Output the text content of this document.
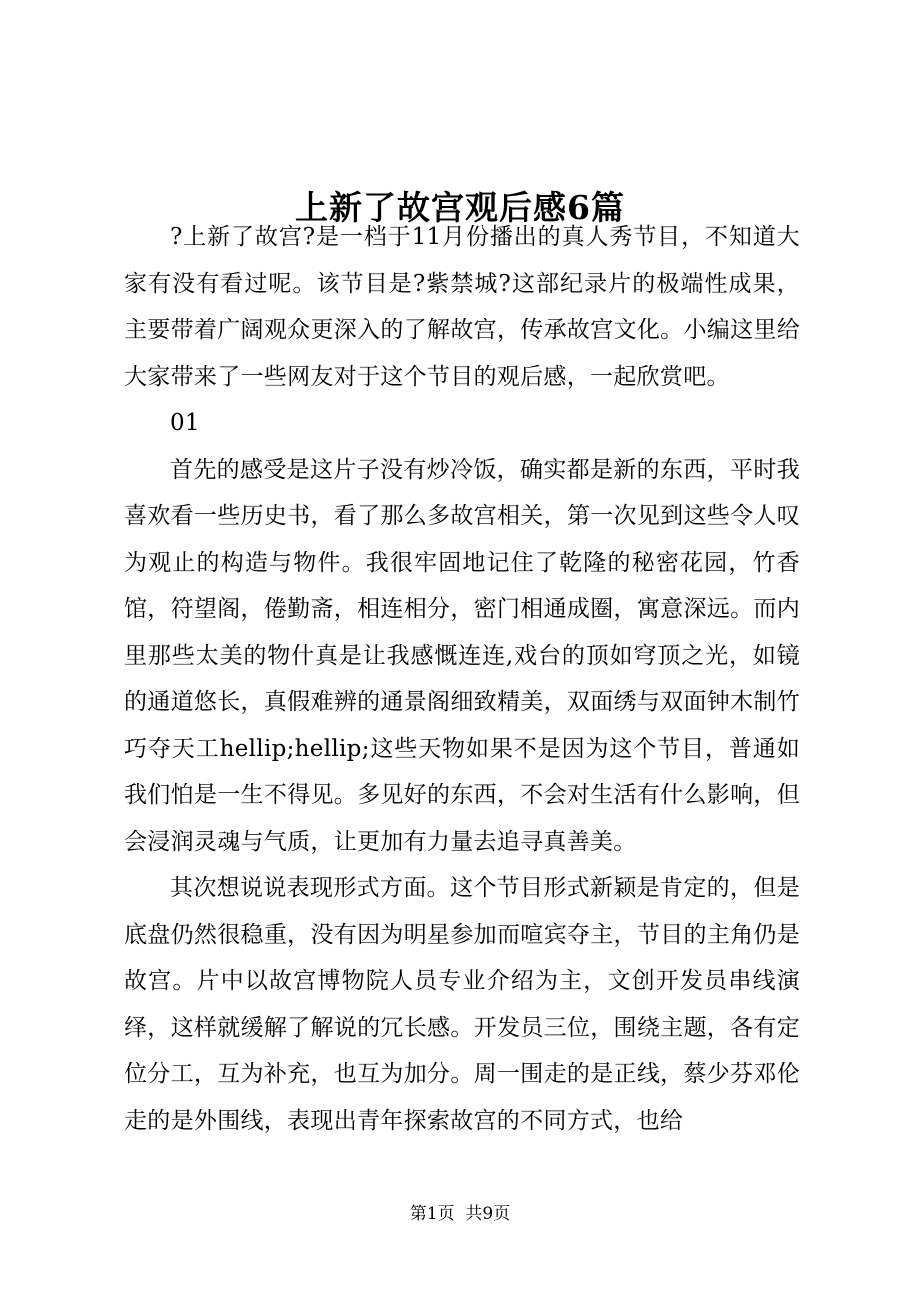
上新了故宫观后感6篇

?上新了故宫?是一档于11月份播出的真人秀节目，不知道大家有没有看过呢。该节目是?紫禁城?这部纪录片的极端性成果，主要带着广阔观众更深入的了解故宫，传承故宫文化。小编这里给大家带来了一些网友对于这个节目的观后感，一起欣赏吧。

01

首先的感受是这片子没有炒冷饭，确实都是新的东西，平时我喜欢看一些历史书，看了那么多故宫相关，第一次见到这些令人叹为观止的构造与物件。我很牢固地记住了乾隆的秘密花园，竹香馆，符望阁，倦勤斋，相连相分，密门相通成圈，寓意深远。而内里那些太美的物什真是让我感慨连连,戏台的顶如穹顶之光，如镜的通道悠长，真假难辨的通景阁细致精美，双面绣与双面钟木制竹巧夺天工hellip;hellip;这些天物如果不是因为这个节目，普通如我们怕是一生不得见。多见好的东西，不会对生活有什么影响，但会浸润灵魂与气质，让更加有力量去追寻真善美。

其次想说说表现形式方面。这个节目形式新颖是肯定的，但是底盘仍然很稳重，没有因为明星参加而喧宾夺主，节目的主角仍是故宫。片中以故宫博物院人员专业介绍为主，文创开发员串线演绎，这样就缓解了解说的冗长感。开发员三位，围绕主题，各有定位分工，互为补充，也互为加分。周一围走的是正线，蔡少芬邓伦走的是外围线，表现出青年探索故宫的不同方式，也给

第1页  共9页
